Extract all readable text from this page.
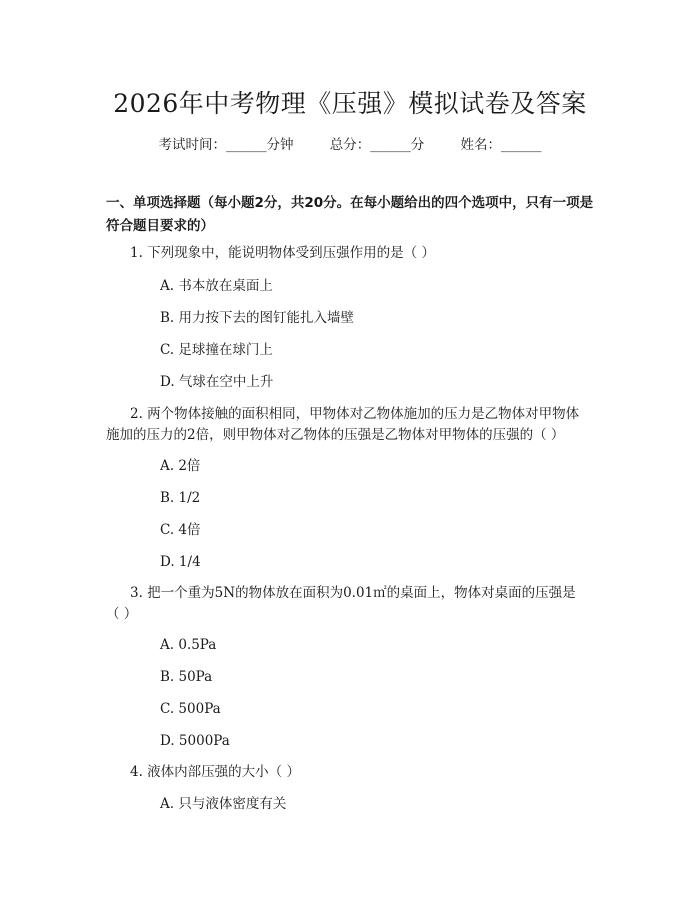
2026年中考物理《压强》模拟试卷及答案
考试时间：______分钟	总分：______分	姓名：______
一、单项选择题（每小题2分，共20分。在每小题给出的四个选项中，只有一项是符合题目要求的）
1. 下列现象中，能说明物体受到压强作用的是（ ）
A. 书本放在桌面上
B. 用力按下去的图钉能扎入墙壁
C. 足球撞在球门上
D. 气球在空中上升
2. 两个物体接触的面积相同，甲物体对乙物体施加的压力是乙物体对甲物体
施加的压力的2倍，则甲物体对乙物体的压强是乙物体对甲物体的压强的（ ）
A. 2倍
B. 1/2
C. 4倍
D. 1/4
3. 把一个重为5N的物体放在面积为0.01㎡的桌面上，物体对桌面的压强是
（ ）
A. 0.5Pa
B. 50Pa
C. 500Pa
D. 5000Pa
4. 液体内部压强的大小（ ）
A. 只与液体密度有关
